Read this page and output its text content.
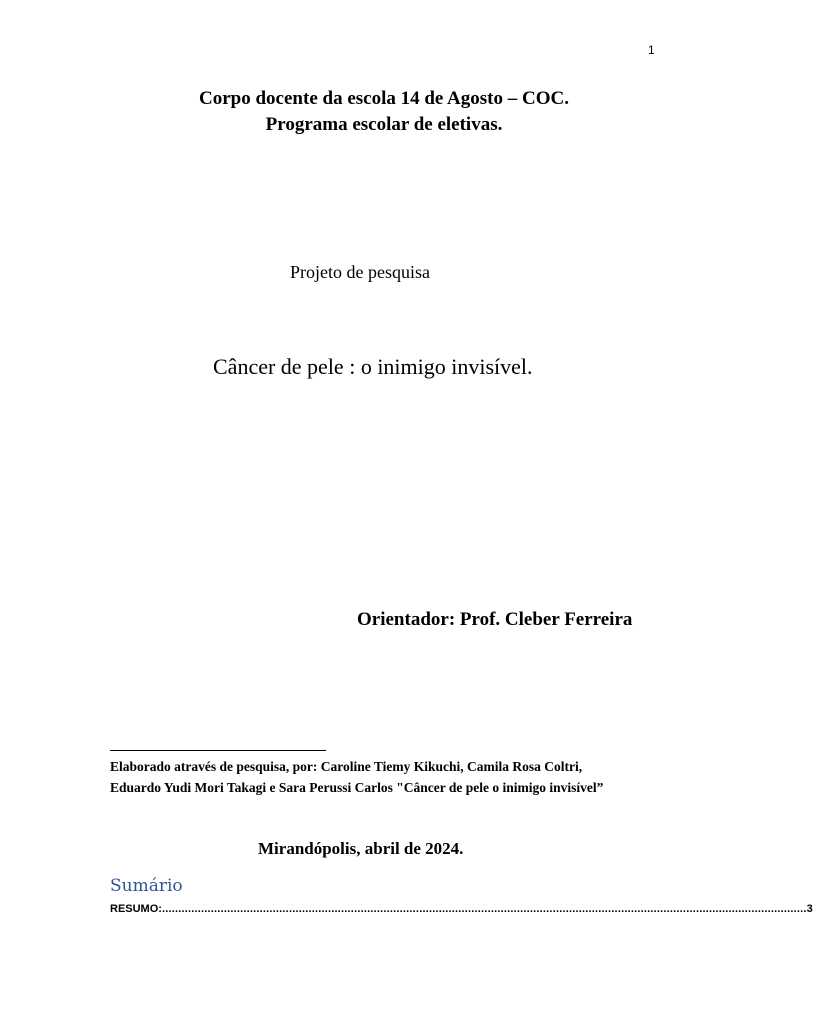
1
Corpo docente da escola 14 de Agosto – COC.
Programa escolar de eletivas.
Projeto de pesquisa
Câncer de pele : o inimigo invisível.
Orientador: Prof. Cleber Ferreira
Elaborado através de pesquisa, por: Caroline Tiemy Kikuchi, Camila Rosa Coltri,
Eduardo Yudi Mori Takagi e Sara Perussi Carlos "Câncer de pele o inimigo invisível”
Mirandópolis, abril de 2024.
Sumário
RESUMO: ...................................................................................................................................................................................................... 3
